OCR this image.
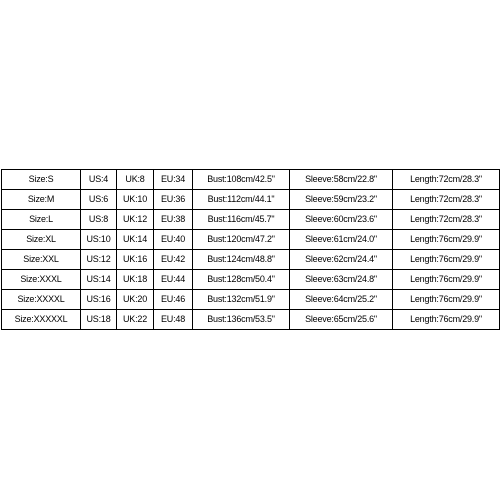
Size:S	US:4	UK:8	EU:34	Bust:108cm/42.5"	Sleeve:58cm/22.8"	Length:72cm/28.3"
Size:M	US:6	UK:10	EU:36	Bust:112cm/44.1"	Sleeve:59cm/23.2"	Length:72cm/28.3"
Size:L	US:8	UK:12	EU:38	Bust:116cm/45.7"	Sleeve:60cm/23.6"	Length:72cm/28.3"
Size:XL	US:10	UK:14	EU:40	Bust:120cm/47.2"	Sleeve:61cm/24.0"	Length:76cm/29.9"
Size:XXL	US:12	UK:16	EU:42	Bust:124cm/48.8"	Sleeve:62cm/24.4"	Length:76cm/29.9"
Size:XXXL	US:14	UK:18	EU:44	Bust:128cm/50.4"	Sleeve:63cm/24.8"	Length:76cm/29.9"
Size:XXXXL	US:16	UK:20	EU:46	Bust:132cm/51.9"	Sleeve:64cm/25.2"	Length:76cm/29.9"
Size:XXXXXL	US:18	UK:22	EU:48	Bust:136cm/53.5"	Sleeve:65cm/25.6"	Length:76cm/29.9"
